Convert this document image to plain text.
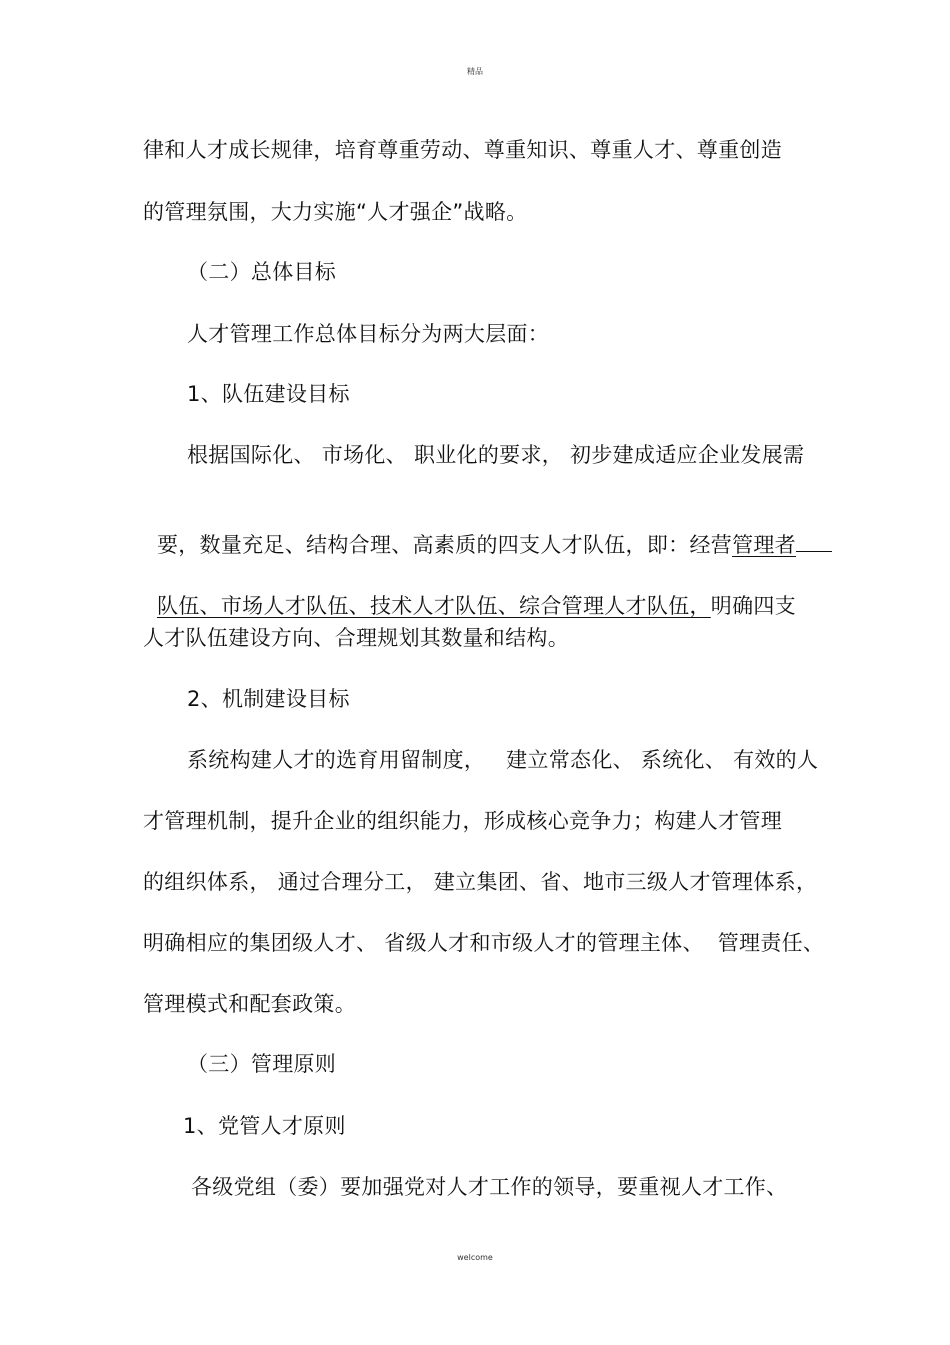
精品
律和人才成长规律，培育尊重劳动、尊重知识、尊重人才、尊重创造
的管理氛围，大力实施“人才强企”战略。
（二）总体目标
人才管理工作总体目标分为两大层面：
1、队伍建设目标
根据国际化、 市场化、 职业化的要求， 初步建成适应企业发展需

要，数量充足、结构合理、高素质的四支人才队伍，即：经营管理者

队伍、市场人才队伍、技术人才队伍、综合管理人才队伍，明确四支

人才队伍建设方向、合理规划其数量和结构。
2、机制建设目标
系统构建人才的选育用留制度，   建立常态化、 系统化、 有效的人
才管理机制，提升企业的组织能力，形成核心竞争力；构建人才管理
的组织体系， 通过合理分工， 建立集团、省、地市三级人才管理体系，
明确相应的集团级人才、 省级人才和市级人才的管理主体、  管理责任、
管理模式和配套政策。
（三）管理原则
1、党管人才原则
各级党组（委）要加强党对人才工作的领导，要重视人才工作、
welcome
